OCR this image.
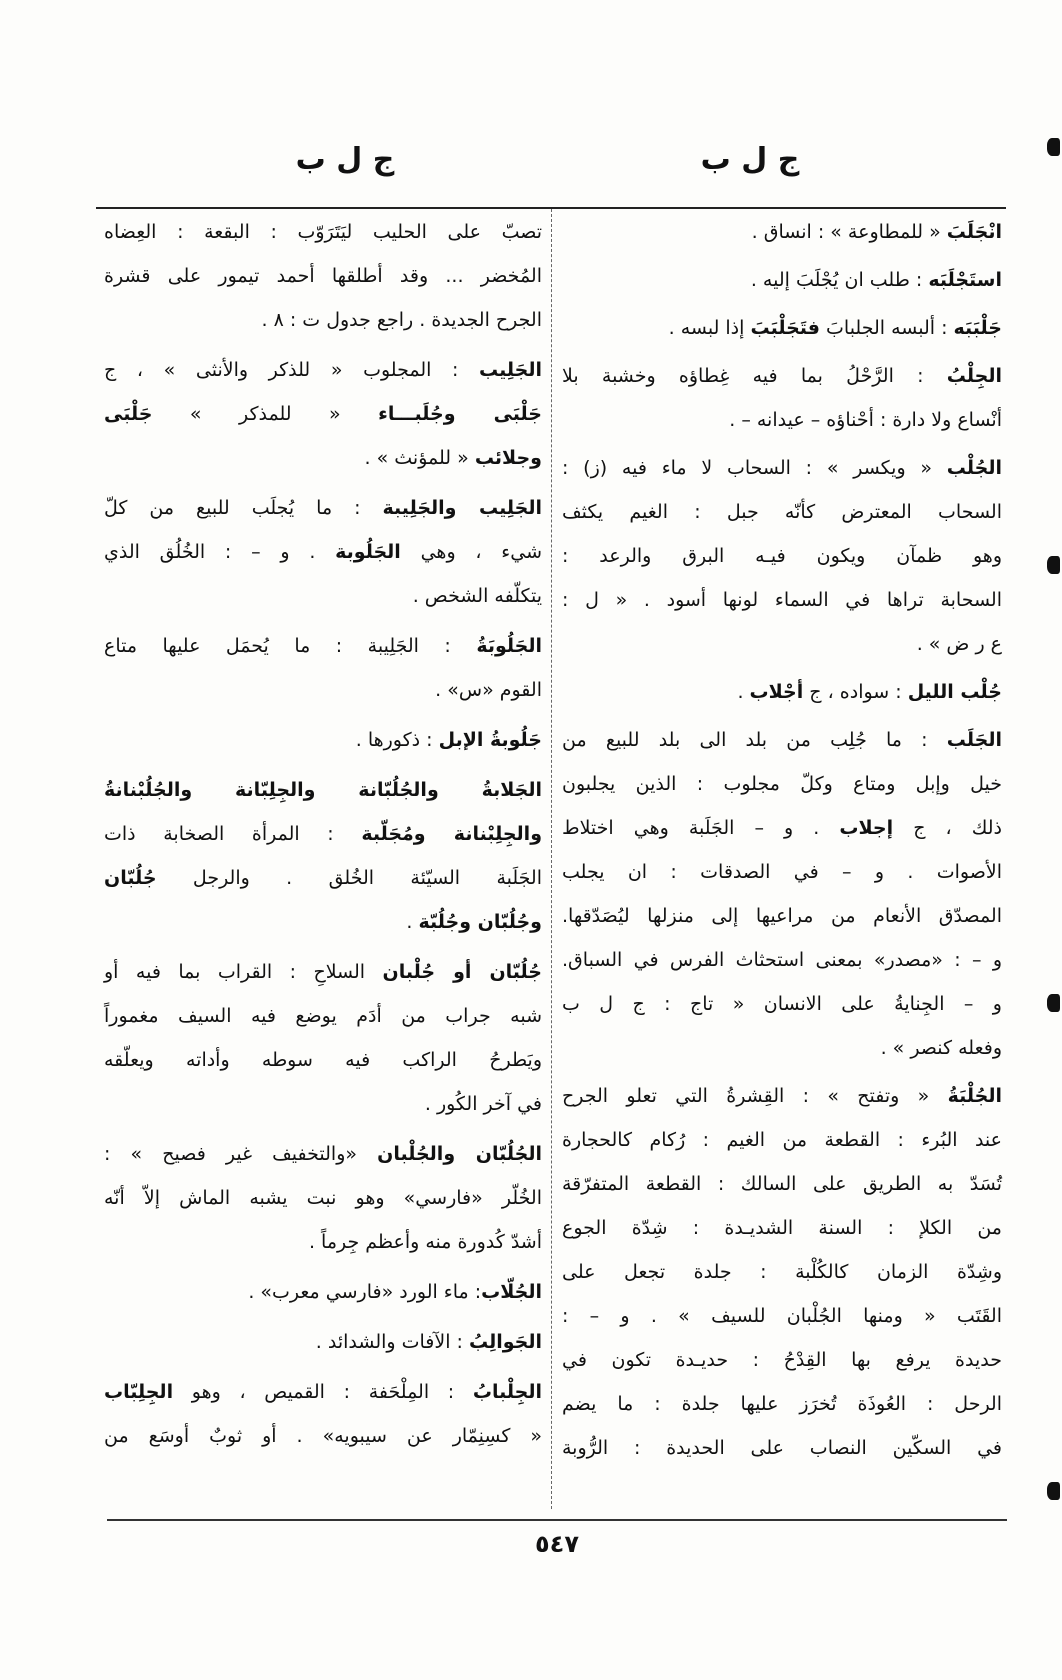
ج ل ب
ج ل ب
انْجَلَبَ « للمطاوعة » : انساق .
استَجْلَبَه : طلب ان يُجْلَبَ إليه .
جَلْبَبَه : ألبسه الجلبابَ فتَجَلْبَبَ إذا لبسه .
الجِلْبُ : الرَّحْلُ بما فيه غِطاؤه وخشبة بلا
أنْساع ولا دارة : أحْناؤه – عيدانه – .
الجُلْب « ويكسر » : السحاب لا ماء فيه (ز) :
السحاب المعترض كأنّه جبل : الغيم يكثف
وهو ظمآن ويكون فيـه البرق والرعد :
السحابة تراها في السماء لونها أسود . « ل :
ع ر ض » .
جُلْب الليل : سواده ، ج أجْلاب .
الجَلَب : ما جُلِب من بلد الى بلد للبيع من
خيل وإبل ومتاع وكلّ مجلوب : الذين يجلبون
ذلك ، ج إجلاب . و – الجَلَبة وهي اختلاط
الأصوات . و – في الصدقات : ان يجلب
المصدّق الأنعام من مراعيها إلى منزلها ليُصَدّقها.
و – : «مصدر» بمعنى استحثاث الفرس في السباق.
و – الجِنايةُ على الانسان « تاج : ج ل ب
وفعله كنصر » .
الجُلْبَةُ « وتفتح » : القِشرةُ التي تعلو الجرح
عند البُرء : القطعة من الغيم : رُكام كالحجارة
تُسَدّ به الطريق على السالك : القطعة المتفرّقة
من الكلإ : السنة الشديـدة : شِدّة الجوع
وشِدّة الزمان كالكُلْبة : جلدة تجعل على
القَتَب « ومنها الجُلْبان للسيف » . و – :
حديدة يرفع بها القِدْحُ : حديـدة تكون في
الرحل : العُوذَة تُخرَز عليها جلدة : ما يضم
في السكّين النصاب على الحديدة : الرُّوبة
تصبّ على الحليب ليَتَرَوّب : البقعة : العِضاه
المُخضر ... وقد أطلقها أحمد تيمور على قشرة
الجرح الجديدة . راجع جدول ت : ٨ .
الجَلِيب : المجلوب « للذكر والأنثى » ، ج
جَلْبَى وجُلَبـــاء « للمذكر » جَلْبَى
وجلائب « للمؤنث » .
الجَلِيب والجَلِيبة : ما يُجلَب للبيع من كلّ
شيء ، وهي الجَلُوبة . و – : الخُلُق الذي
يتكلّفه الشخص .
الجَلُوبَةُ : الجَلِيبة : ما يُحمَل عليها متاع
القوم «س» .
جَلُوبةُ الإبل : ذكورها .
الجَلابةُ والجُلُبّانة والجِلِبّانة والجُلُبْنانةُ
والجِلِبْنانة ومُجَلّبة : المرأة الصخابة ذات
الجَلَبة السيّئة الخُلق . والرجل جُلُبّان
وجُلُبّان وجُلُبّة .
جُلُبّان أو جُلْبان السلاحِ : القراب بما فيه أو
شبه جراب من أدَم يوضع فيه السيف مغموراً
ويَطرحُ الراكب فيه سوطه وأداته ويعلّقه
في آخر الكُور .
الجُلُبّان والجُلْبان «والتخفيف غير فصيح » :
الخُلّر «فارسي» وهو نبت يشبه الماش إلاّ أنّه
أشدّ كُدورة منه وأعظم جِرماً .
الجُلّاب: ماء الورد «فارسي معرب» .
الجَوالِبُ : الآفات والشدائد .
الجِلْبابُ : المِلْحَفة : القميص ، وهو الجِلِبّاب
« كسِنِمّار عن سيبويه» . أو ثوبٌ أوسَع من
٥٤٧
